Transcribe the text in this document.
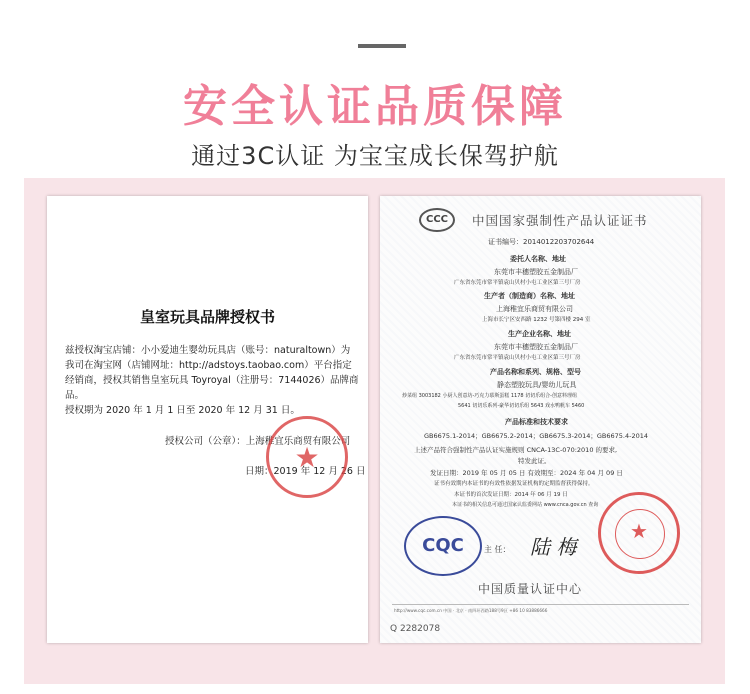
安全认证品质保障
通过3C认证 为宝宝成长保驾护航
皇室玩具品牌授权书
兹授权淘宝店铺：小小爱迪生婴幼玩具店（账号：naturaltown）为我司在淘宝网（店铺网址：http://adstoys.taobao.com）平台指定经销商，授权其销售皇室玩具 Toyroyal（注册号：7144026）品牌商品。
授权期为 2020 年 1 月 1 日至 2020 年 12 月 31 日。
授权公司（公章）：上海稚宜乐商贸有限公司
日期：2019 年 12 月 26 日
★
CCC	中国国家强制性产品认证证书
证书编号：2014012203702644
委托人名称、地址
东莞市丰穗塑胶五金制品厂
广东省东莞市常平镇袁山贝村小屯工业区第三号厂房
生产者（制造商）名称、地址
上海稚宜乐商贸有限公司
上海市长宁区安西路 1232 号第四楼 294 室
生产企业名称、地址
东莞市丰穗塑胶五金制品厂
广东省东莞市常平镇袁山贝村小屯工业区第三号厂房
产品名称和系列、规格、型号
静态塑胶玩具/婴幼儿玩具
炒菜组 3003182 小厨人创意坊-巧克力慕斯蛋糕 1178 切切乐组合-创意料理组
5641 切切乐系列-豪华切切乐组 5643 戏水鸭帆车 5460
产品标准和技术要求
GB6675.1-2014；GB6675.2-2014；GB6675.3-2014；GB6675.4-2014
上述产品符合强制性产品认证实施规则 CNCA-13C-070:2010 的要求,
特发此证。
发证日期：2019 年 05 月 05 日 有效期至：2024 年 04 月 09 日
证书有效期内本证书的有效性依据发证机构的定期监督获得保持。
本证书的首次发证日期：2014 年 06 月 19 日
本证书的相关信息可通过国家认监委网站 www.cnca.gov.cn 查询
CQC	主 任： 陆 梅
★
中国质量认证中心
http://www.cqc.com.cn 中国 · 北京 · 南四环西路188号9区 +86 10 83886666
Q 2282078
